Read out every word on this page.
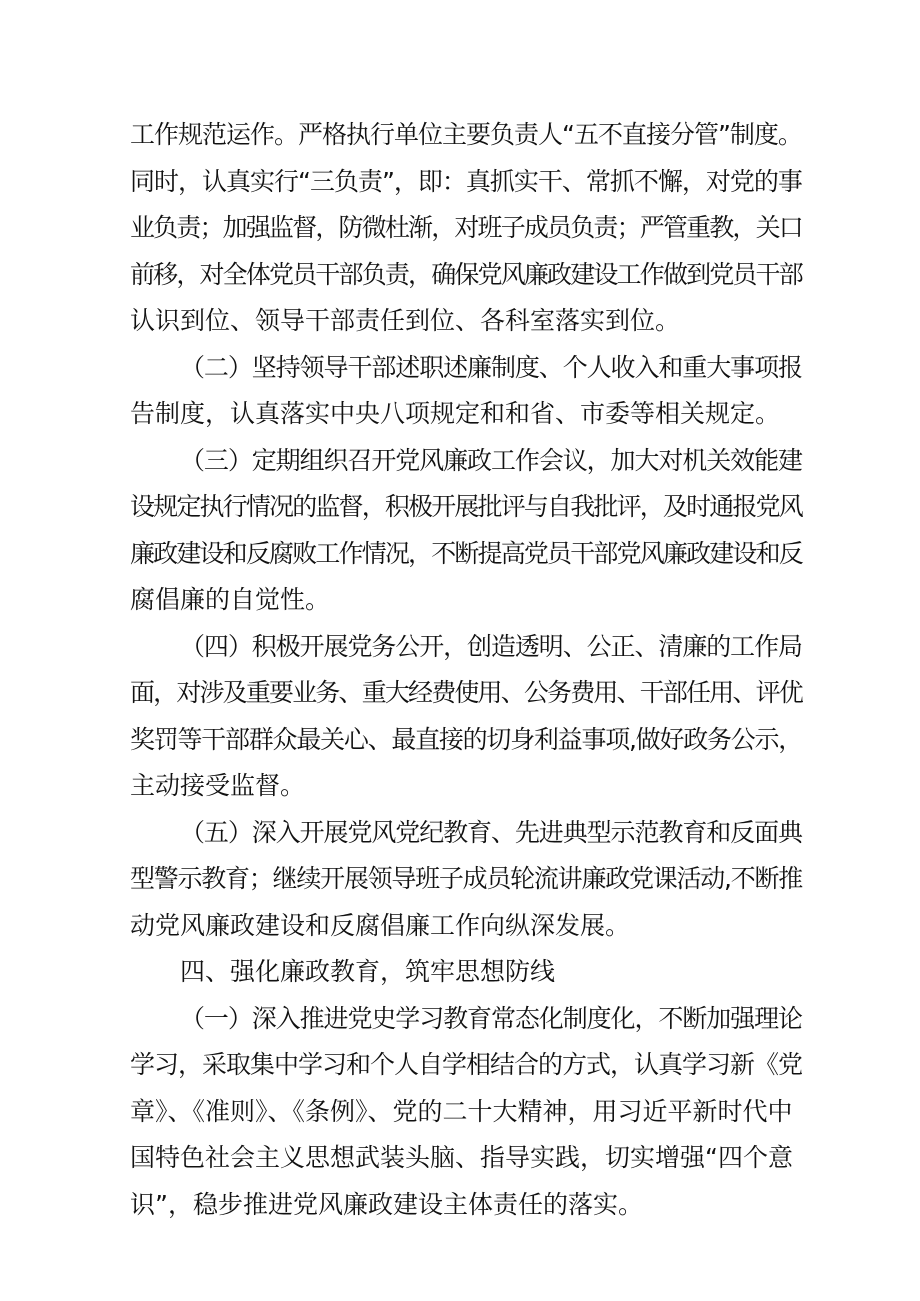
工作规范运作。严格执行单位主要负责人“五不直接分管”制度。
同时，认真实行“三负责”，即：真抓实干、常抓不懈，对党的事
业负责；加强监督，防微杜渐，对班子成员负责；严管重教，关口
前移，对全体党员干部负责，确保党风廉政建设工作做到党员干部
认识到位、领导干部责任到位、各科室落实到位。
（二）坚持领导干部述职述廉制度、个人收入和重大事项报
告制度，认真落实中央八项规定和和省、市委等相关规定。
（三）定期组织召开党风廉政工作会议，加大对机关效能建
设规定执行情况的监督，积极开展批评与自我批评，及时通报党风
廉政建设和反腐败工作情况，不断提高党员干部党风廉政建设和反
腐倡廉的自觉性。
（四）积极开展党务公开，创造透明、公正、清廉的工作局
面，对涉及重要业务、重大经费使用、公务费用、干部任用、评优
奖罚等干部群众最关心、最直接的切身利益事项,做好政务公示，
主动接受监督。
（五）深入开展党风党纪教育、先进典型示范教育和反面典
型警示教育；继续开展领导班子成员轮流讲廉政党课活动,不断推
动党风廉政建设和反腐倡廉工作向纵深发展。
四、强化廉政教育，筑牢思想防线
（一）深入推进党史学习教育常态化制度化，不断加强理论
学习，采取集中学习和个人自学相结合的方式，认真学习新《党
章》、《准则》、《条例》、党的二十大精神，用习近平新时代中
国特色社会主义思想武装头脑、指导实践，切实增强“四个意
识”，稳步推进党风廉政建设主体责任的落实。
